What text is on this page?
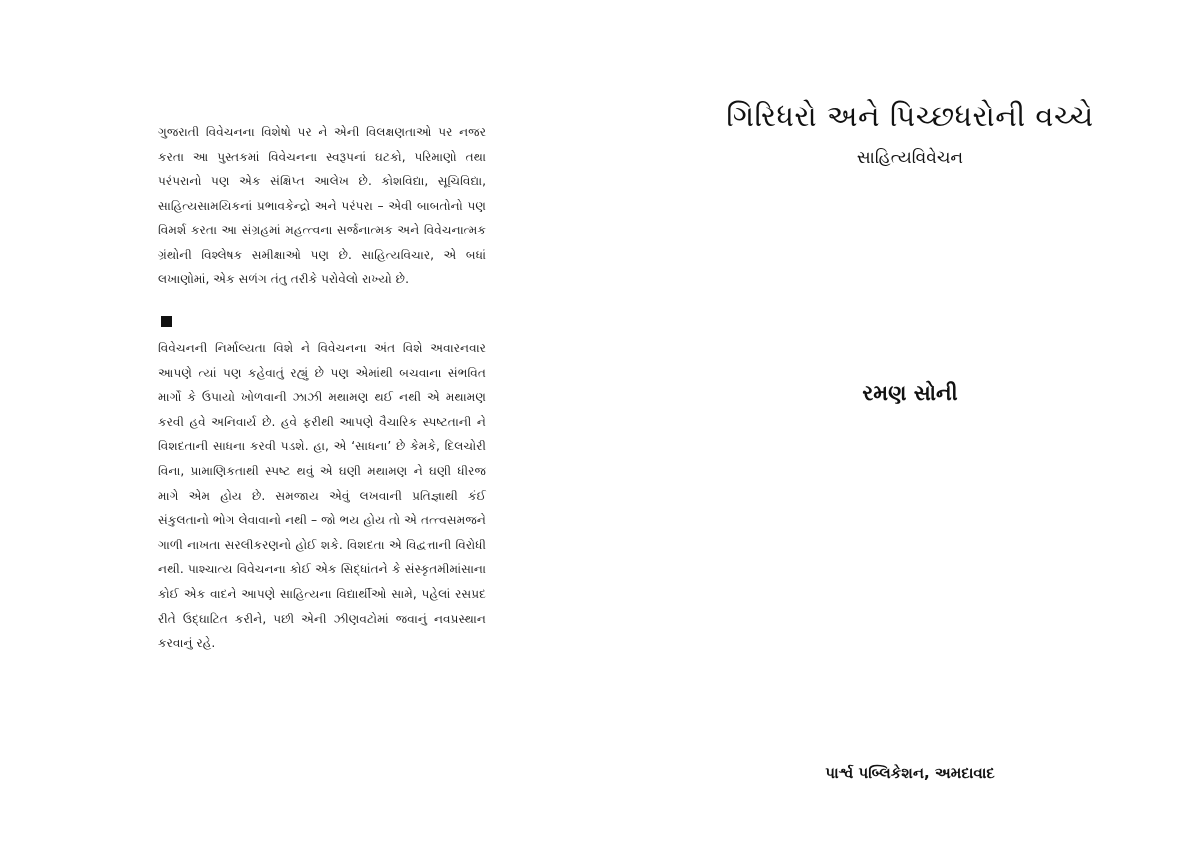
ગુજરાતી વિવેચનના વિશેષો પર ને એની વિલક્ષણતાઓ પર નજર કરતા આ પુસ્તકમાં વિવેચનના સ્વરૂપનાં ઘટકો, પરિમાણો તથા પરંપરાનો પણ એક સંક્ષિપ્ત આલેખ છે. કોશવિદ્યા, સૂચિવિદ્યા, સાહિત્યસામયિકનાં પ્રભાવકેન્દ્રો અને પરંપરા – એવી બાબતોનો પણ વિમર્શ કરતા આ સંગ્રહમાં મહત્ત્વના સર્જનાત્મક અને વિવેચનાત્મક ગ્રંથોની વિશ્લેષક સમીક્ષાઓ પણ છે. સાહિત્યવિચાર, એ બધાં લખાણોમાં, એક સળંગ તંતુ તરીકે પરોવેલો રાખ્યો છે.

વિવેચનની નિર્માલ્યતા વિશે ને વિવેચનના અંત વિશે અવારનવાર આપણે ત્યાં પણ કહેવાતું રહ્યું છે પણ એમાંથી બચવાના સંભવિત માર્ગો કે ઉપાયો ખોળવાની ઝાઝી મથામણ થઈ નથી એ મથામણ કરવી હવે અનિવાર્ય છે. હવે ફરીથી આપણે વૈચારિક સ્પષ્ટતાની ને વિશદતાની સાધના કરવી પડશે. હા, એ ‘સાધના’ છે કેમકે, દિલચોરી વિના, પ્રામાણિકતાથી સ્પષ્ટ થવું એ ઘણી મથામણ ને ઘણી ધીરજ માગે એમ હોય છે. સમજાય એવું લખવાની પ્રતિજ્ઞાથી કંઈ સંકુલતાનો ભોગ લેવાવાનો નથી – જો ભય હોય તો એ તત્ત્વસમજને ગાળી નાખતા સરલીકરણનો હોઈ શકે. વિશદતા એ વિદ્વત્તાની વિરોધી નથી. પાશ્ચાત્ય વિવેચનના કોઈ એક સિદ્ધાંતને કે સંસ્કૃતમીમાંસાના કોઈ એક વાદને આપણે સાહિત્યના વિદ્યાર્થીઓ સામે, પહેલાં રસપ્રદ રીતે ઉદ્ઘાટિત કરીને, પછી એની ઝીણવટોમાં જવાનું નવપ્રસ્થાન કરવાનું રહે.

ગિરિધરો અને પિચ્છધરોની વચ્ચે
સાહિત્યવિવેચન
રમણ સોની
પાર્શ્વ પબ્લિકેશન, અમદાવાદ
